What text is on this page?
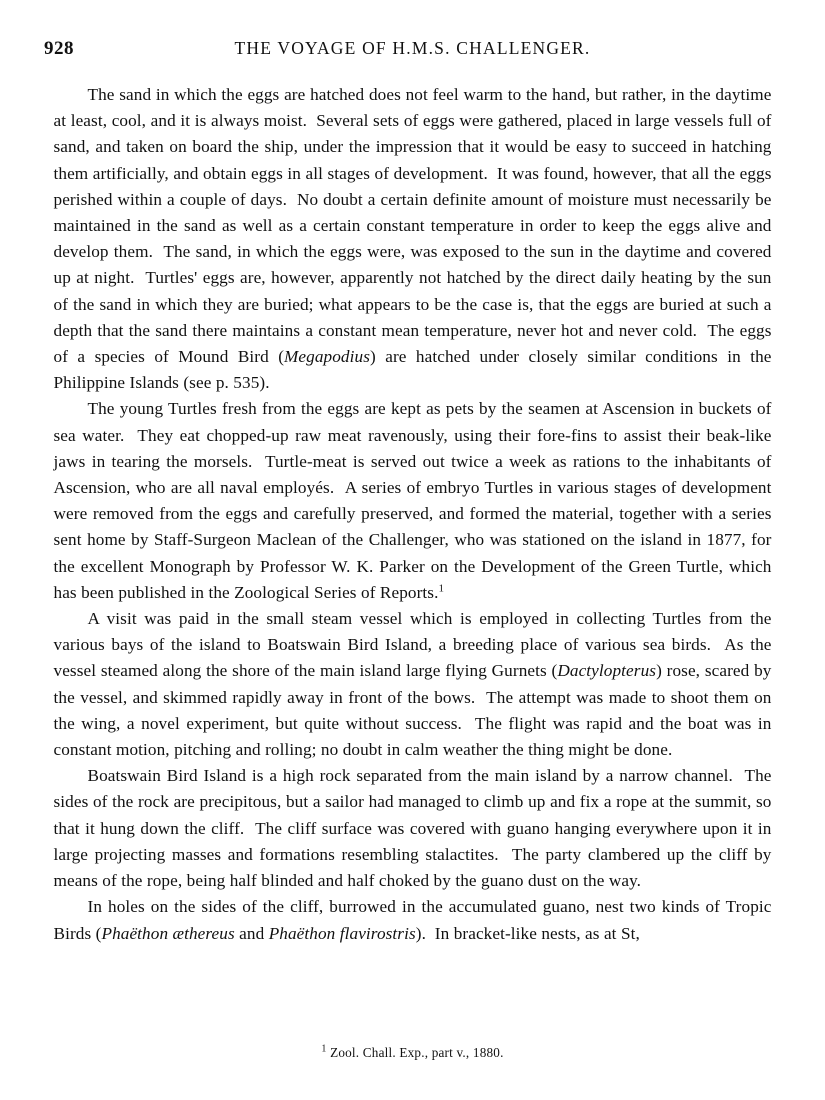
928	THE VOYAGE OF H.M.S. CHALLENGER.

The sand in which the eggs are hatched does not feel warm to the hand, but rather, in the daytime at least, cool, and it is always moist.  Several sets of eggs were gathered, placed in large vessels full of sand, and taken on board the ship, under the impression that it would be easy to succeed in hatching them artificially, and obtain eggs in all stages of development.  It was found, however, that all the eggs perished within a couple of days.  No doubt a certain definite amount of moisture must necessarily be maintained in the sand as well as a certain constant temperature in order to keep the eggs alive and develop them.  The sand, in which the eggs were, was exposed to the sun in the daytime and covered up at night.  Turtles' eggs are, however, apparently not hatched by the direct daily heating by the sun of the sand in which they are buried; what appears to be the case is, that the eggs are buried at such a depth that the sand there maintains a constant mean temperature, never hot and never cold.  The eggs of a species of Mound Bird (Megapodius) are hatched under closely similar conditions in the Philippine Islands (see p. 535).

The young Turtles fresh from the eggs are kept as pets by the seamen at Ascension in buckets of sea water.  They eat chopped-up raw meat ravenously, using their fore-fins to assist their beak-like jaws in tearing the morsels.  Turtle-meat is served out twice a week as rations to the inhabitants of Ascension, who are all naval employés.  A series of embryo Turtles in various stages of development were removed from the eggs and carefully preserved, and formed the material, together with a series sent home by Staff-Surgeon Maclean of the Challenger, who was stationed on the island in 1877, for the excellent Monograph by Professor W. K. Parker on the Development of the Green Turtle, which has been published in the Zoological Series of Reports.$^1$

A visit was paid in the small steam vessel which is employed in collecting Turtles from the various bays of the island to Boatswain Bird Island, a breeding place of various sea birds.  As the vessel steamed along the shore of the main island large flying Gurnets (Dactylopterus) rose, scared by the vessel, and skimmed rapidly away in front of the bows.  The attempt was made to shoot them on the wing, a novel experiment, but quite without success.  The flight was rapid and the boat was in constant motion, pitching and rolling; no doubt in calm weather the thing might be done.

Boatswain Bird Island is a high rock separated from the main island by a narrow channel.  The sides of the rock are precipitous, but a sailor had managed to climb up and fix a rope at the summit, so that it hung down the cliff.  The cliff surface was covered with guano hanging everywhere upon it in large projecting masses and formations resembling stalactites.  The party clambered up the cliff by means of the rope, being half blinded and half choked by the guano dust on the way.

In holes on the sides of the cliff, burrowed in the accumulated guano, nest two kinds of Tropic Birds (Phaëthon æthereus and Phaëthon flavirostris).  In bracket-like nests, as at St,

$^1$ Zool. Chall. Exp., part v., 1880.
